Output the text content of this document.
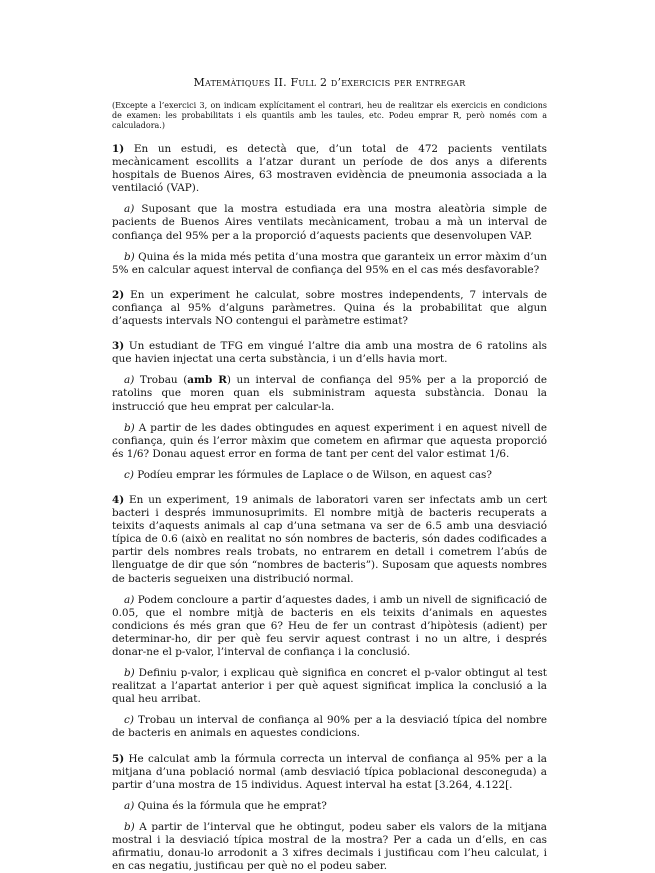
Matemàtiques II. Full 2 d’exercicis per entregar

(Excepte a l’exercici 3, on indicam explícitament el contrari, heu de realitzar els exercicis en condicions de examen: les probabilitats i els quantils amb les taules, etc. Podeu emprar R, però només com a calculadora.)

1) En un estudi, es detectà que, d’un total de 472 pacients ventilats mecànicament escollits a l’atzar durant un període de dos anys a diferents hospitals de Buenos Aires, 63 mostraven evidència de pneumonia associada a la ventilació (VAP).

a) Suposant que la mostra estudiada era una mostra aleatòria simple de pacients de Buenos Aires ventilats mecànicament, trobau a mà un interval de confiança del 95% per a la proporció d’aquests pacients que desenvolupen VAP.

b) Quina és la mida més petita d’una mostra que garanteix un error màxim d’un 5% en calcular aquest interval de confiança del 95% en el cas més desfavorable?

2) En un experiment he calculat, sobre mostres independents, 7 intervals de confiança al 95% d’alguns paràmetres. Quina és la probabilitat que algun d’aquests intervals NO contengui el paràmetre estimat?

3) Un estudiant de TFG em vingué l’altre dia amb una mostra de 6 ratolins als que havien injectat una certa substància, i un d’ells havia mort.

a) Trobau (amb R) un interval de confiança del 95% per a la proporció de ratolins que moren quan els subministram aquesta substància. Donau la instrucció que heu emprat per calcular-la.

b) A partir de les dades obtingudes en aquest experiment i en aquest nivell de confiança, quin és l’error màxim que cometem en afirmar que aquesta proporció és 1/6? Donau aquest error en forma de tant per cent del valor estimat 1/6.

c) Podíeu emprar les fórmules de Laplace o de Wilson, en aquest cas?

4) En un experiment, 19 animals de laboratori varen ser infectats amb un cert bacteri i després immunosuprimits. El nombre mitjà de bacteris recuperats a teixits d’aquests animals al cap d’una setmana va ser de 6.5 amb una desviació típica de 0.6 (això en realitat no són nombres de bacteris, són dades codificades a partir dels nombres reals trobats, no entrarem en detall i cometrem l’abús de llenguatge de dir que són “nombres de bacteris”). Suposam que aquests nombres de bacteris segueixen una distribució normal.

a) Podem concloure a partir d’aquestes dades, i amb un nivell de significació de 0.05, que el nombre mitjà de bacteris en els teixits d’animals en aquestes condicions és més gran que 6? Heu de fer un contrast d’hipòtesis (adient) per determinar-ho, dir per què feu servir aquest contrast i no un altre, i després donar-ne el p-valor, l’interval de confiança i la conclusió.

b) Definiu p-valor, i explicau què significa en concret el p-valor obtingut al test realitzat a l’apartat anterior i per què aquest significat implica la conclusió a la qual heu arribat.

c) Trobau un interval de confiança al 90% per a la desviació típica del nombre de bacteris en animals en aquestes condicions.

5) He calculat amb la fórmula correcta un interval de confiança al 95% per a la mitjana d’una població normal (amb desviació típica poblacional desconeguda) a partir d’una mostra de 15 individus. Aquest interval ha estat [3.264, 4.122[.

a) Quina és la fórmula que he emprat?

b) A partir de l’interval que he obtingut, podeu saber els valors de la mitjana mostral i la desviació típica mostral de la mostra? Per a cada un d’ells, en cas afirmatiu, donau-lo arrodonit a 3 xifres decimals i justificau com l’heu calculat, i en cas negatiu, justificau per què no el podeu saber.
